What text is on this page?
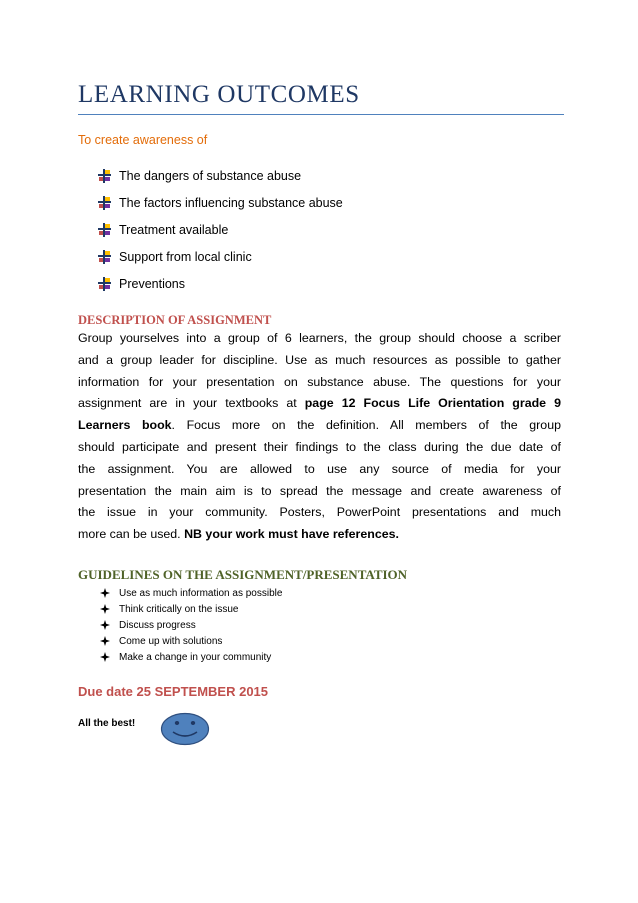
LEARNING OUTCOMES
To create awareness of
The dangers of substance abuse
The factors influencing substance abuse
Treatment available
Support from local clinic
Preventions
DESCRIPTION OF ASSIGNMENT
Group yourselves into a group of 6 learners, the group should choose a scriber
and a group leader for discipline. Use as much resources as possible to gather
information for your presentation on substance abuse. The questions for your
assignment are in your textbooks at page 12 Focus Life Orientation grade 9
Learners book. Focus more on the definition. All members of the group
should participate and present their findings to the class during the due date of
the assignment. You are allowed to use any source of media for your
presentation the main aim is to spread the message and create awareness of
the issue in your community. Posters, PowerPoint presentations and much
more can be used. NB your work must have references.
GUIDELINES ON THE ASSIGNMENT/PRESENTATION
Use as much information as possible
Think critically on the issue
Discuss progress
Come up with solutions
Make a change in your community
Due date 25 SEPTEMBER 2015
All the best!
